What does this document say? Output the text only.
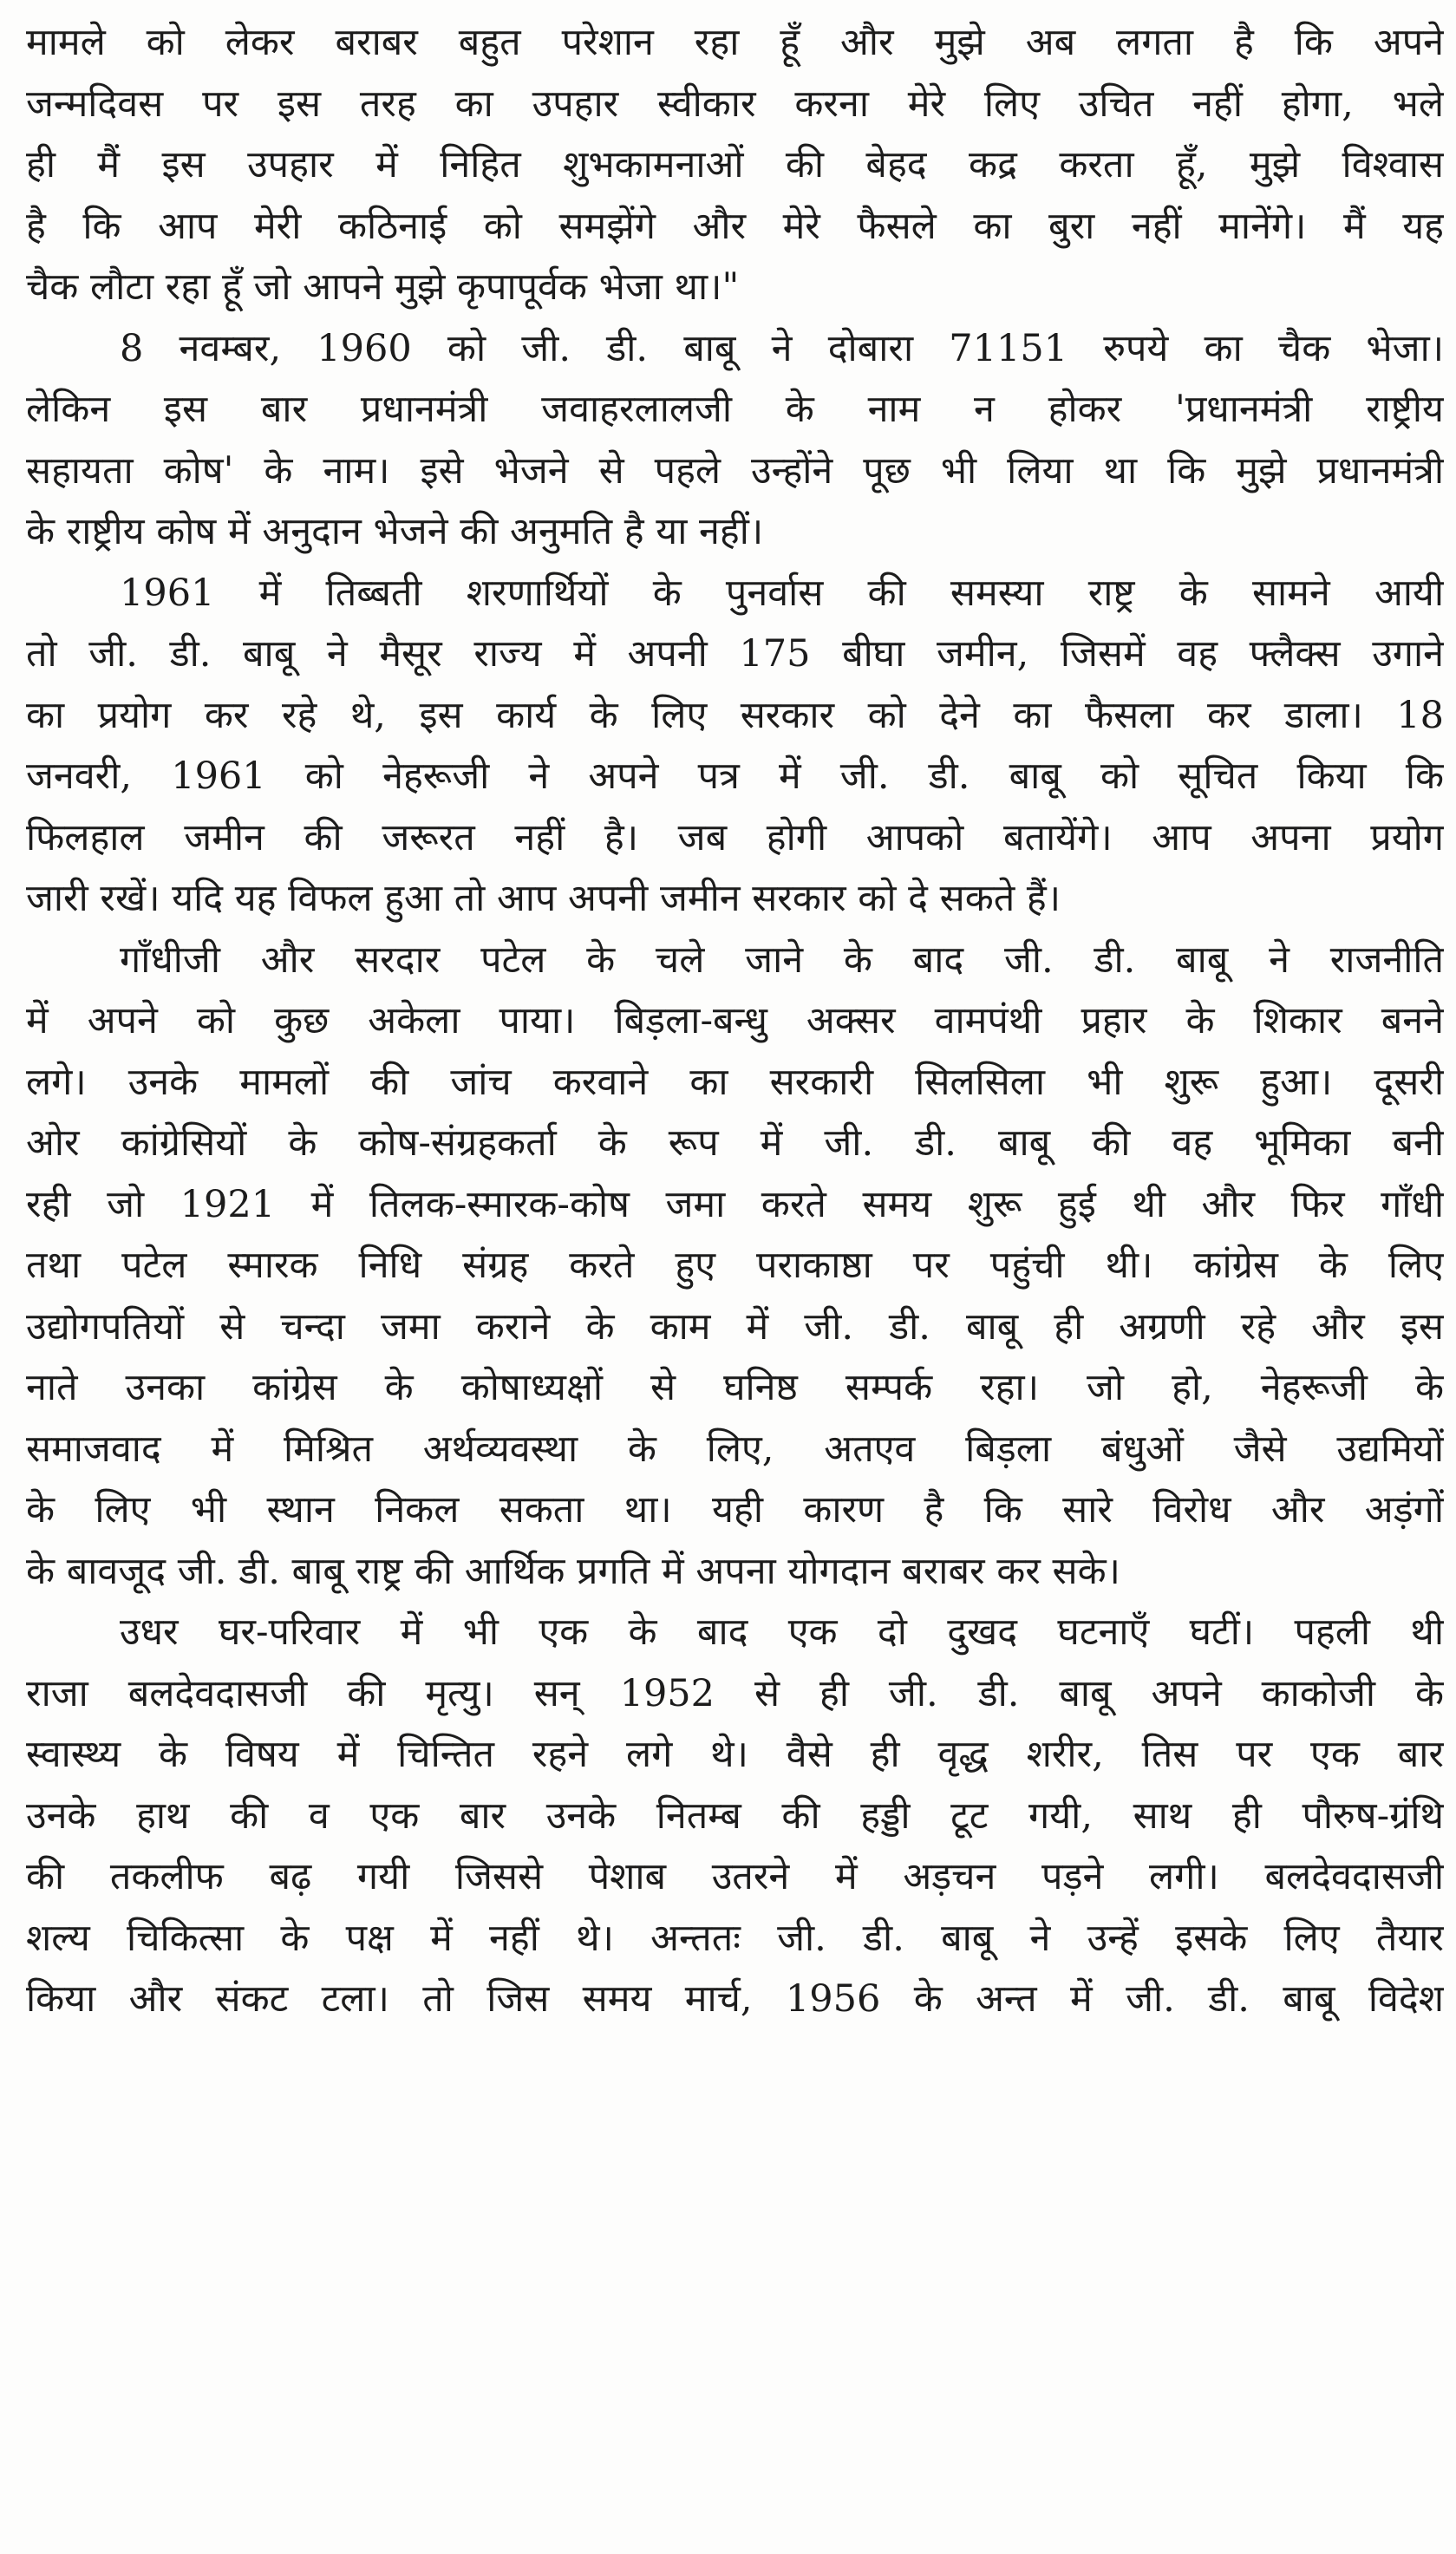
मामले को लेकर बराबर बहुत परेशान रहा हूँ और मुझे अब लगता है कि अपने
जन्मदिवस पर इस तरह का उपहार स्वीकार करना मेरे लिए उचित नहीं होगा, भले
ही मैं इस उपहार में निहित शुभकामनाओं की बेहद कद्र करता हूँ, मुझे विश्वास
है कि आप मेरी कठिनाई को समझेंगे और मेरे फैसले का बुरा नहीं मानेंगे। मैं यह
चैक लौटा रहा हूँ जो आपने मुझे कृपापूर्वक भेजा था।"
8 नवम्बर, 1960 को जी. डी. बाबू ने दोबारा 71151 रुपये का चैक भेजा।
लेकिन इस बार प्रधानमंत्री जवाहरलालजी के नाम न होकर 'प्रधानमंत्री राष्ट्रीय
सहायता कोष' के नाम। इसे भेजने से पहले उन्होंने पूछ भी लिया था कि मुझे प्रधानमंत्री
के राष्ट्रीय कोष में अनुदान भेजने की अनुमति है या नहीं।
1961 में तिब्बती शरणार्थियों के पुनर्वास की समस्या राष्ट्र के सामने आयी
तो जी. डी. बाबू ने मैसूर राज्य में अपनी 175 बीघा जमीन, जिसमें वह फ्लैक्स उगाने
का प्रयोग कर रहे थे, इस कार्य के लिए सरकार को देने का फैसला कर डाला। 18
जनवरी, 1961 को नेहरूजी ने अपने पत्र में जी. डी. बाबू को सूचित किया कि
फिलहाल जमीन की जरूरत नहीं है। जब होगी आपको बतायेंगे। आप अपना प्रयोग
जारी रखें। यदि यह विफल हुआ तो आप अपनी जमीन सरकार को दे सकते हैं।
गाँधीजी और सरदार पटेल के चले जाने के बाद जी. डी. बाबू ने राजनीति
में अपने को कुछ अकेला पाया। बिड़ला-बन्धु अक्सर वामपंथी प्रहार के शिकार बनने
लगे। उनके मामलों की जांच करवाने का सरकारी सिलसिला भी शुरू हुआ। दूसरी
ओर कांग्रेसियों के कोष-संग्रहकर्ता के रूप में जी. डी. बाबू की वह भूमिका बनी
रही जो 1921 में तिलक-स्मारक-कोष जमा करते समय शुरू हुई थी और फिर गाँधी
तथा पटेल स्मारक निधि संग्रह करते हुए पराकाष्ठा पर पहुंची थी। कांग्रेस के लिए
उद्योगपतियों से चन्दा जमा कराने के काम में जी. डी. बाबू ही अग्रणी रहे और इस
नाते उनका कांग्रेस के कोषाध्यक्षों से घनिष्ठ सम्पर्क रहा। जो हो, नेहरूजी के
समाजवाद में मिश्रित अर्थव्यवस्था के लिए, अतएव बिड़ला बंधुओं जैसे उद्यमियों
के लिए भी स्थान निकल सकता था। यही कारण है कि सारे विरोध और अड़ंगों
के बावजूद जी. डी. बाबू राष्ट्र की आर्थिक प्रगति में अपना योगदान बराबर कर सके।
उधर घर-परिवार में भी एक के बाद एक दो दुखद घटनाएँ घटीं। पहली थी
राजा बलदेवदासजी की मृत्यु। सन् 1952 से ही जी. डी. बाबू अपने काकोजी के
स्वास्थ्य के विषय में चिन्तित रहने लगे थे। वैसे ही वृद्ध शरीर, तिस पर एक बार
उनके हाथ की व एक बार उनके नितम्ब की हड्डी टूट गयी, साथ ही पौरुष-ग्रंथि
की तकलीफ बढ़ गयी जिससे पेशाब उतरने में अड़चन पड़ने लगी। बलदेवदासजी
शल्य चिकित्सा के पक्ष में नहीं थे। अन्ततः जी. डी. बाबू ने उन्हें इसके लिए तैयार
किया और संकट टला। तो जिस समय मार्च, 1956 के अन्त में जी. डी. बाबू विदेश
